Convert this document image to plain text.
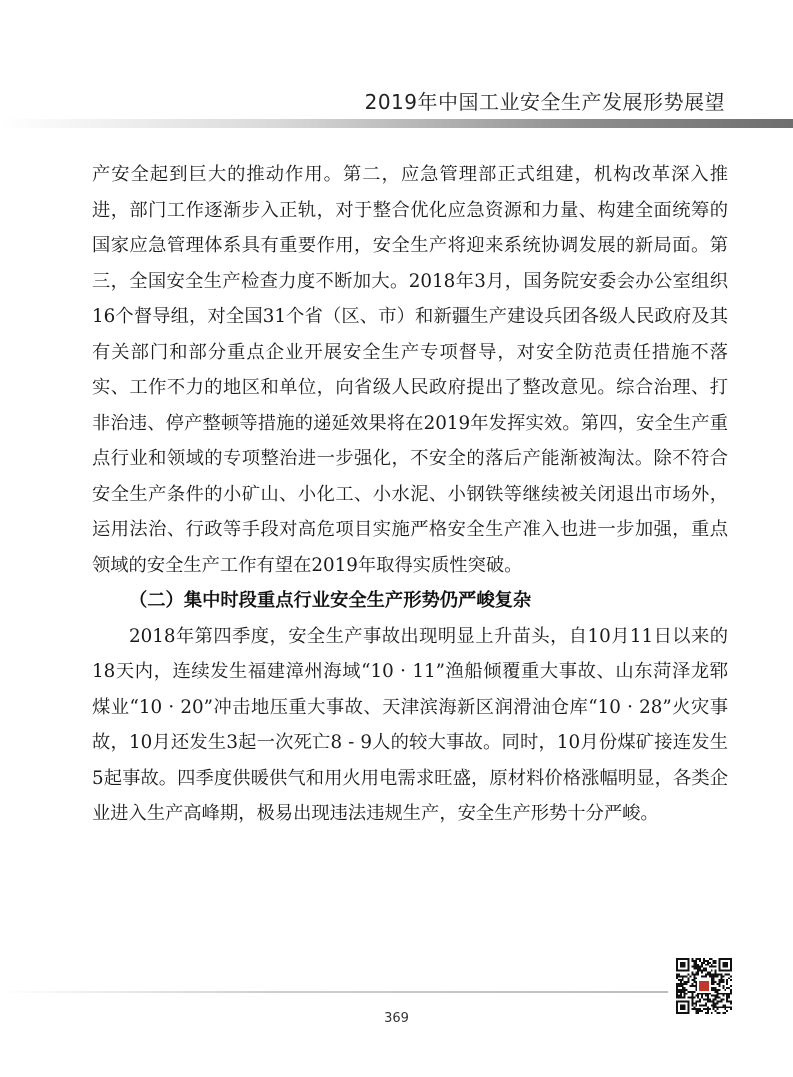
2019年中国工业安全生产发展形势展望

产安全起到巨大的推动作用。第二，应急管理部正式组建，机构改革深入推进，部门工作逐渐步入正轨，对于整合优化应急资源和力量、构建全面统筹的国家应急管理体系具有重要作用，安全生产将迎来系统协调发展的新局面。第三，全国安全生产检查力度不断加大。2018年3月，国务院安委会办公室组织16个督导组，对全国31个省（区、市）和新疆生产建设兵团各级人民政府及其有关部门和部分重点企业开展安全生产专项督导，对安全防范责任措施不落实、工作不力的地区和单位，向省级人民政府提出了整改意见。综合治理、打非治违、停产整顿等措施的递延效果将在2019年发挥实效。第四，安全生产重点行业和领域的专项整治进一步强化，不安全的落后产能渐被淘汰。除不符合安全生产条件的小矿山、小化工、小水泥、小钢铁等继续被关闭退出市场外，运用法治、行政等手段对高危项目实施严格安全生产准入也进一步加强，重点领域的安全生产工作有望在2019年取得实质性突破。

（二）集中时段重点行业安全生产形势仍严峻复杂

2018年第四季度，安全生产事故出现明显上升苗头，自10月11日以来的18天内，连续发生福建漳州海域“10 · 11”渔船倾覆重大事故、山东菏泽龙郓煤业“10 · 20”冲击地压重大事故、天津滨海新区润滑油仓库“10 · 28”火灾事故，10月还发生3起一次死亡8 - 9人的较大事故。同时，10月份煤矿接连发生5起事故。四季度供暖供气和用火用电需求旺盛，原材料价格涨幅明显，各类企业进入生产高峰期，极易出现违法违规生产，安全生产形势十分严峻。

369
